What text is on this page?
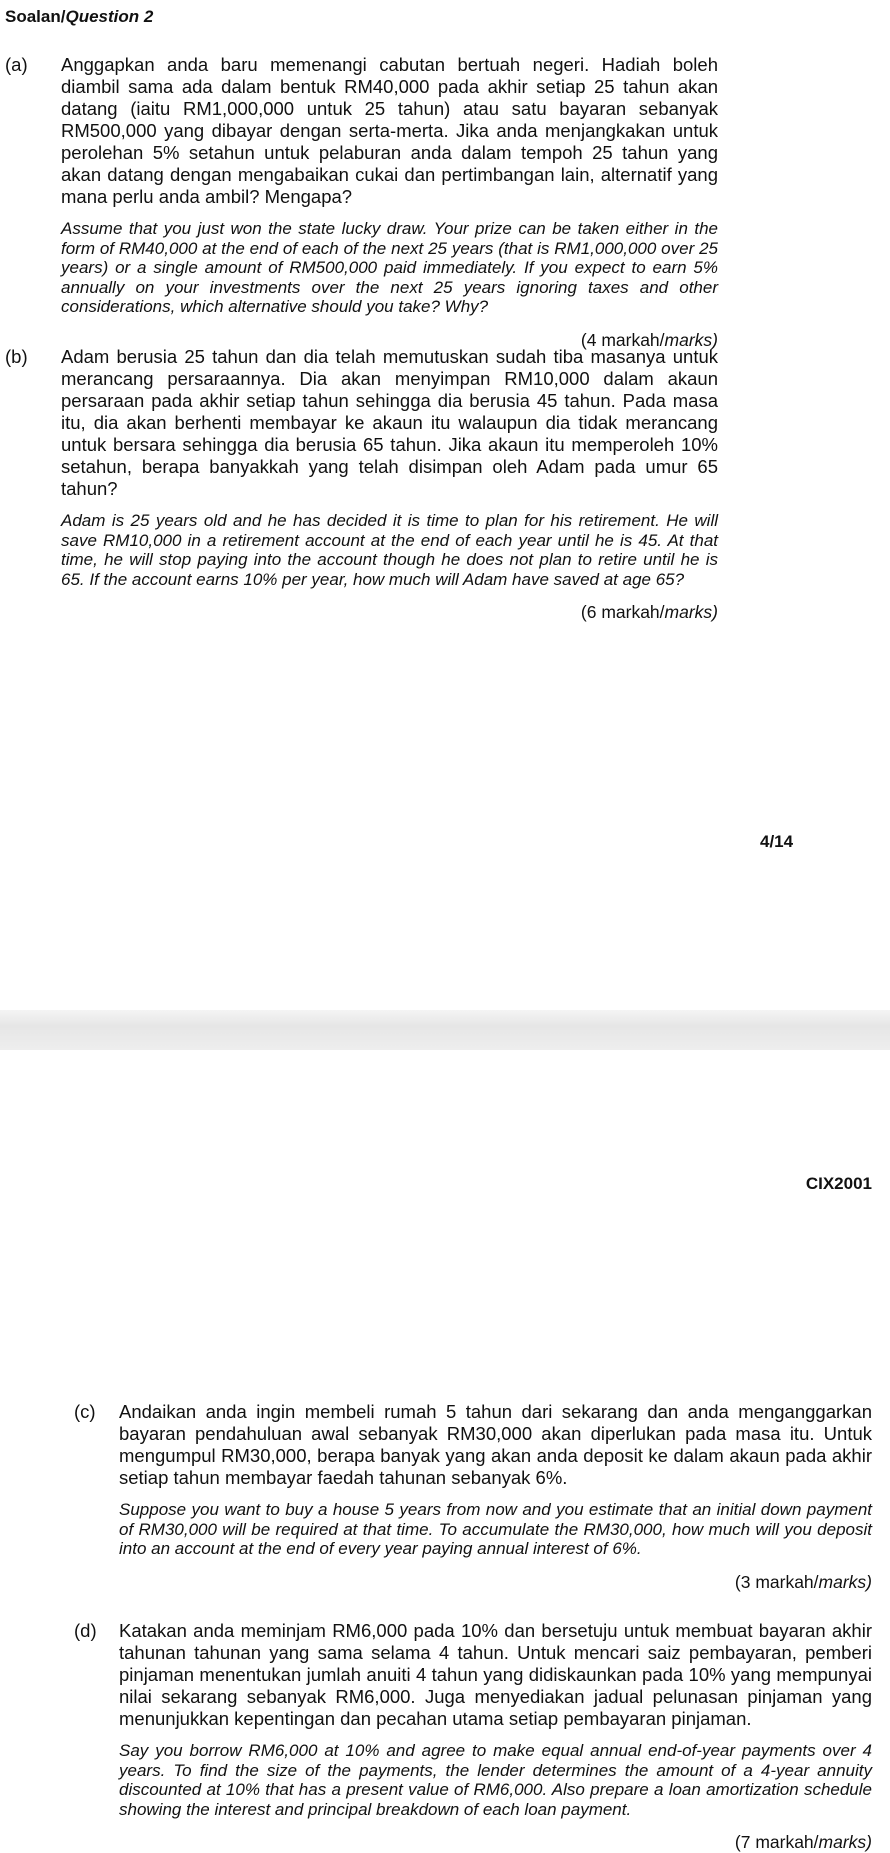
Soalan/Question 2
(a) Anggapkan anda baru memenangi cabutan bertuah negeri. Hadiah boleh diambil sama ada dalam bentuk RM40,000 pada akhir setiap 25 tahun akan datang (iaitu RM1,000,000 untuk 25 tahun) atau satu bayaran sebanyak RM500,000 yang dibayar dengan serta-merta. Jika anda menjangkakan untuk perolehan 5% setahun untuk pelaburan anda dalam tempoh 25 tahun yang akan datang dengan mengabaikan cukai dan pertimbangan lain, alternatif yang mana perlu anda ambil? Mengapa?
Assume that you just won the state lucky draw. Your prize can be taken either in the form of RM40,000 at the end of each of the next 25 years (that is RM1,000,000 over 25 years) or a single amount of RM500,000 paid immediately. If you expect to earn 5% annually on your investments over the next 25 years ignoring taxes and other considerations, which alternative should you take? Why?
(4 markah/marks)
(b) Adam berusia 25 tahun dan dia telah memutuskan sudah tiba masanya untuk merancang persaraannya. Dia akan menyimpan RM10,000 dalam akaun persaraan pada akhir setiap tahun sehingga dia berusia 45 tahun. Pada masa itu, dia akan berhenti membayar ke akaun itu walaupun dia tidak merancang untuk bersara sehingga dia berusia 65 tahun. Jika akaun itu memperoleh 10% setahun, berapa banyakkah yang telah disimpan oleh Adam pada umur 65 tahun?
Adam is 25 years old and he has decided it is time to plan for his retirement. He will save RM10,000 in a retirement account at the end of each year until he is 45. At that time, he will stop paying into the account though he does not plan to retire until he is 65. If the account earns 10% per year, how much will Adam have saved at age 65?
(6 markah/marks)
4/14
CIX2001
(c) Andaikan anda ingin membeli rumah 5 tahun dari sekarang dan anda menganggarkan bayaran pendahuluan awal sebanyak RM30,000 akan diperlukan pada masa itu. Untuk mengumpul RM30,000, berapa banyak yang akan anda deposit ke dalam akaun pada akhir setiap tahun membayar faedah tahunan sebanyak 6%.
Suppose you want to buy a house 5 years from now and you estimate that an initial down payment of RM30,000 will be required at that time. To accumulate the RM30,000, how much will you deposit into an account at the end of every year paying annual interest of 6%.
(3 markah/marks)
(d) Katakan anda meminjam RM6,000 pada 10% dan bersetuju untuk membuat bayaran akhir tahunan tahunan yang sama selama 4 tahun. Untuk mencari saiz pembayaran, pemberi pinjaman menentukan jumlah anuiti 4 tahun yang didiskaunkan pada 10% yang mempunyai nilai sekarang sebanyak RM6,000. Juga menyediakan jadual pelunasan pinjaman yang menunjukkan kepentingan dan pecahan utama setiap pembayaran pinjaman.
Say you borrow RM6,000 at 10% and agree to make equal annual end-of-year payments over 4 years. To find the size of the payments, the lender determines the amount of a 4-year annuity discounted at 10% that has a present value of RM6,000. Also prepare a loan amortization schedule showing the interest and principal breakdown of each loan payment.
(7 markah/marks)
